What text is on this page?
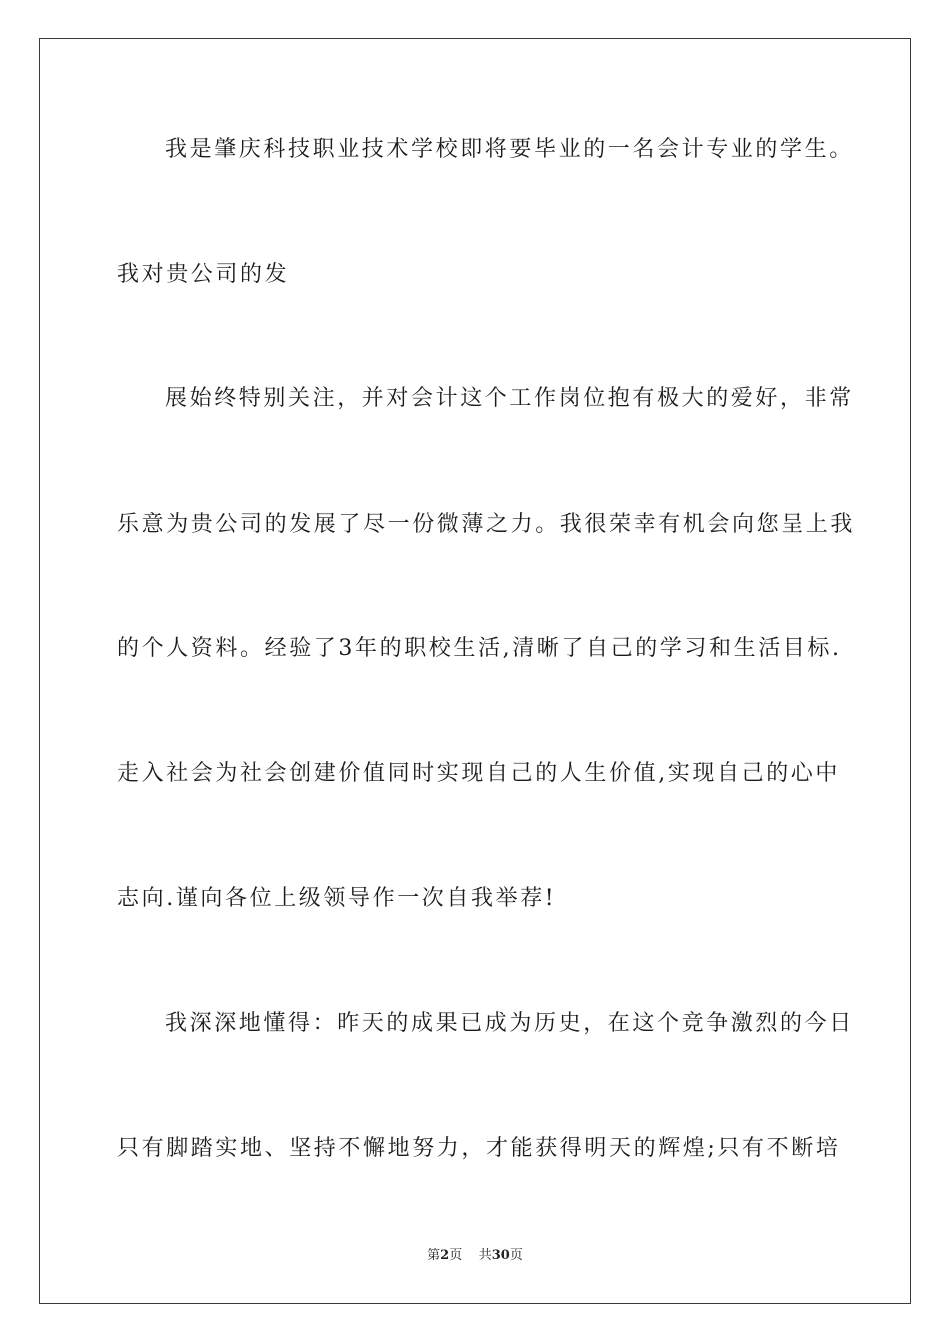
我是肇庆科技职业技术学校即将要毕业的一名会计专业的学生。
我对贵公司的发
展始终特别关注，并对会计这个工作岗位抱有极大的爱好，非常
乐意为贵公司的发展了尽一份微薄之力。我很荣幸有机会向您呈上我
的个人资料。经验了3年的职校生活,清晰了自己的学习和生活目标.
走入社会为社会创建价值同时实现自己的人生价值,实现自己的心中
志向.谨向各位上级领导作一次自我举荐!
我深深地懂得：昨天的成果已成为历史，在这个竞争激烈的今日
只有脚踏实地、坚持不懈地努力，才能获得明天的辉煌;只有不断培
第2页 共30页
